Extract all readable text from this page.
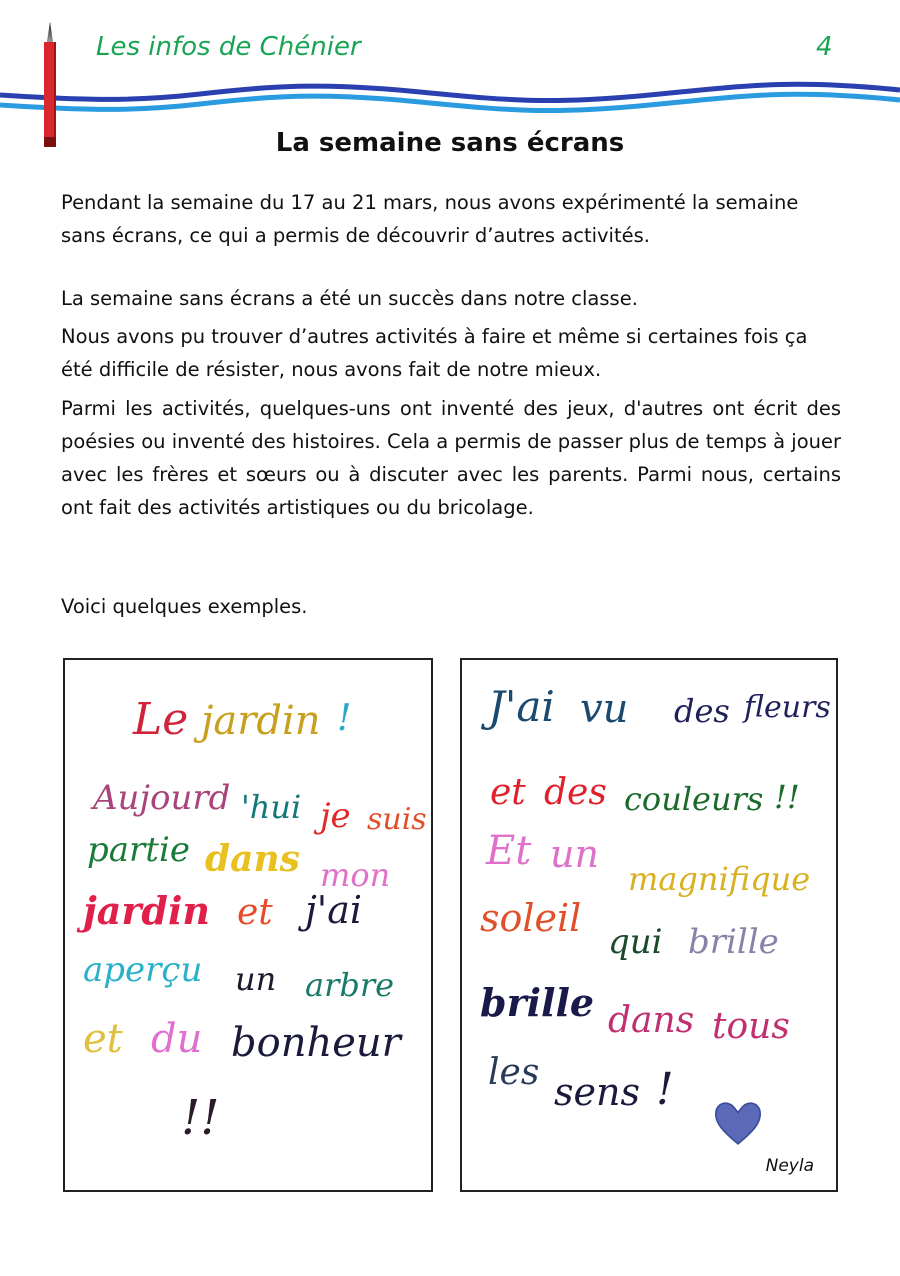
Les infos de Chénier	4
La semaine sans écrans

Pendant la semaine du 17 au 21 mars, nous avons expérimenté la semaine sans écrans, ce qui a permis de découvrir d’autres activités.

La semaine sans écrans a été un succès dans notre classe.

Nous avons pu trouver d’autres activités à faire et même si certaines fois ça été difficile de résister, nous avons fait de notre mieux.

Parmi les activités, quelques-uns ont inventé des jeux, d'autres ont écrit des poésies ou inventé des histoires. Cela a permis de passer plus de temps à jouer avec les frères et sœurs ou à discuter avec les parents. Parmi nous, certains ont fait des activités artistiques ou du bricolage.

Voici quelques exemples.

Le jardin !
Aujourd 'hui je suis
partie dans mon
jardin et j'ai
aperçu un arbre
et du bonheur
!!
J'ai vu des fleurs
et des couleurs !!
Et un
magnifique
soleil
qui brille
brille dans tous
les sens !
Neyla
